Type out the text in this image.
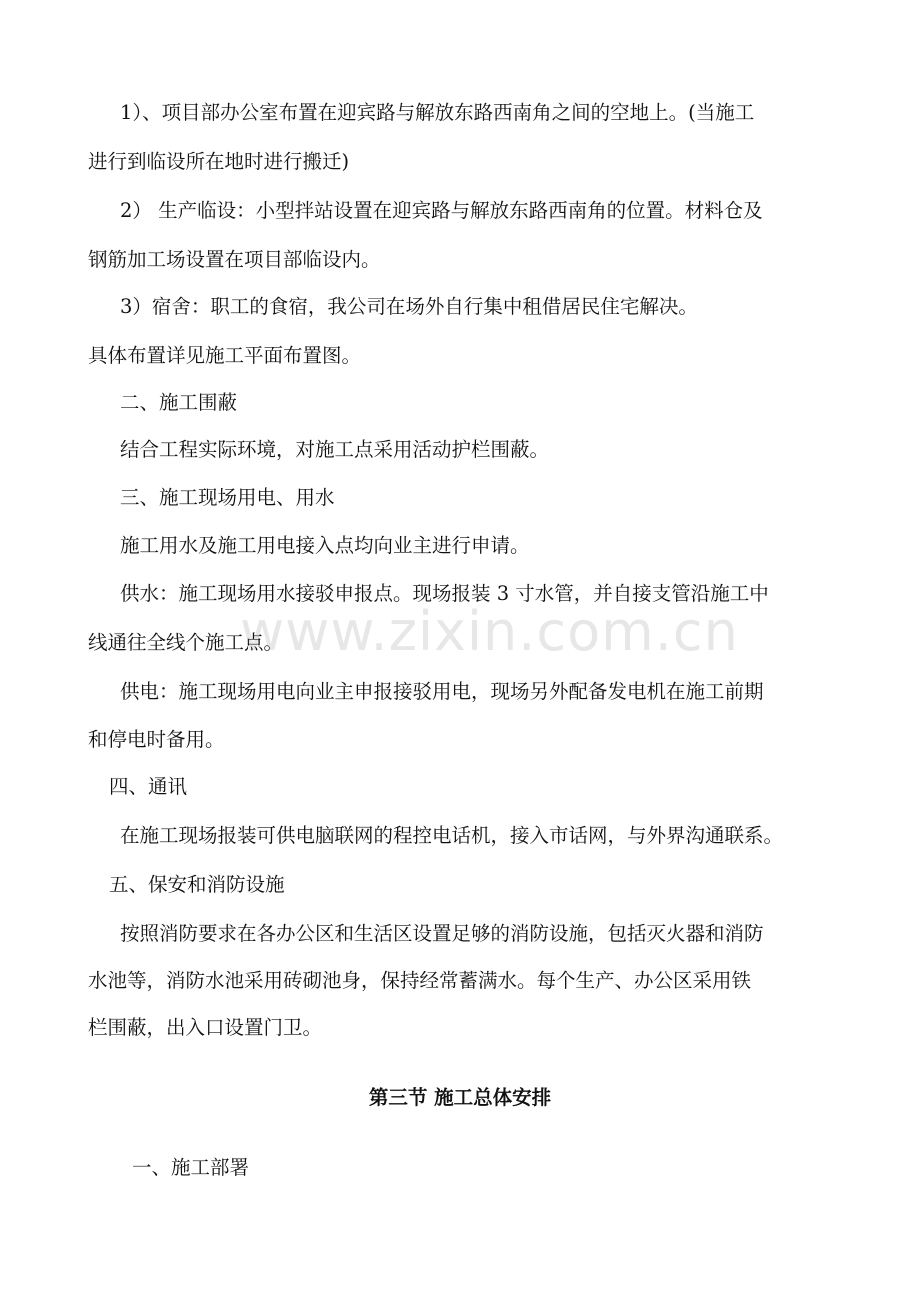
1）、项目部办公室布置在迎宾路与解放东路西南角之间的空地上。(当施工
进行到临设所在地时进行搬迁)
2） 生产临设：小型拌站设置在迎宾路与解放东路西南角的位置。材料仓及
钢筋加工场设置在项目部临设内。
3）宿舍：职工的食宿，我公司在场外自行集中租借居民住宅解决。
具体布置详见施工平面布置图。
二、施工围蔽
结合工程实际环境，对施工点采用活动护栏围蔽。
三、施工现场用电、用水
施工用水及施工用电接入点均向业主进行申请。
供水：施工现场用水接驳申报点。现场报装 3 寸水管，并自接支管沿施工中
线通往全线个施工点。
供电：施工现场用电向业主申报接驳用电，现场另外配备发电机在施工前期
和停电时备用。
四、通讯
在施工现场报装可供电脑联网的程控电话机，接入市话网，与外界沟通联系。
五、保安和消防设施
按照消防要求在各办公区和生活区设置足够的消防设施，包括灭火器和消防
水池等，消防水池采用砖砌池身，保持经常蓄满水。每个生产、办公区采用铁
栏围蔽，出入口设置门卫。
第三节 施工总体安排
一、施工部署
www.zixin.com.cn
